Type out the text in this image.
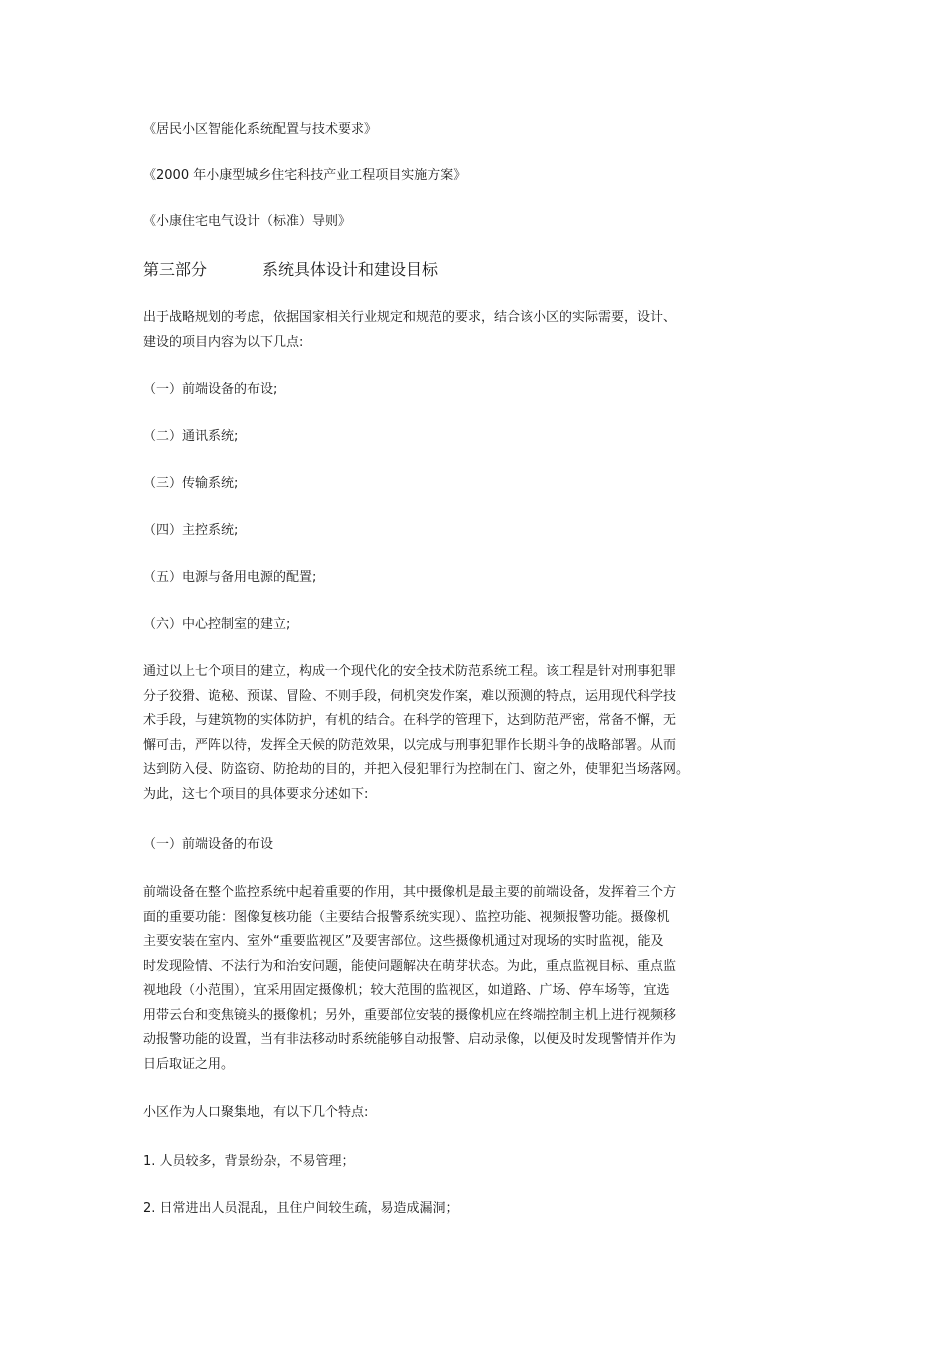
《居民小区智能化系统配置与技术要求》
《2000 年小康型城乡住宅科技产业工程项目实施方案》
《小康住宅电气设计（标准）导则》
第三部分	系统具体设计和建设目标
出于战略规划的考虑，依据国家相关行业规定和规范的要求，结合该小区的实际需要，设计、
建设的项目内容为以下几点:
（一）前端设备的布设;
（二）通讯系统;
（三）传输系统;
（四）主控系统;
（五）电源与备用电源的配置;
（六）中心控制室的建立;
通过以上七个项目的建立，构成一个现代化的安全技术防范系统工程。该工程是针对刑事犯罪
分子狡猾、诡秘、预谋、冒险、不则手段，伺机突发作案，难以预测的特点，运用现代科学技
术手段，与建筑物的实体防护，有机的结合。在科学的管理下，达到防范严密，常备不懈，无
懈可击，严阵以待，发挥全天候的防范效果，以完成与刑事犯罪作长期斗争的战略部署。从而
达到防入侵、防盗窃、防抢劫的目的，并把入侵犯罪行为控制在门、窗之外，使罪犯当场落网。
为此，这七个项目的具体要求分述如下:
（一）前端设备的布设
前端设备在整个监控系统中起着重要的作用，其中摄像机是最主要的前端设备，发挥着三个方
面的重要功能：图像复核功能（主要结合报警系统实现）、监控功能、视频报警功能。摄像机
主要安装在室内、室外“重要监视区”及要害部位。这些摄像机通过对现场的实时监视，能及
时发现险情、不法行为和治安问题，能使问题解决在萌芽状态。为此，重点监视目标、重点监
视地段（小范围），宜采用固定摄像机；较大范围的监视区，如道路、广场、停车场等，宜选
用带云台和变焦镜头的摄像机；另外，重要部位安装的摄像机应在终端控制主机上进行视频移
动报警功能的设置，当有非法移动时系统能够自动报警、启动录像，以便及时发现警情并作为
日后取证之用。
小区作为人口聚集地，有以下几个特点:
1. 人员较多，背景纷杂，不易管理；
2. 日常进出人员混乱，且住户间较生疏，易造成漏洞；
